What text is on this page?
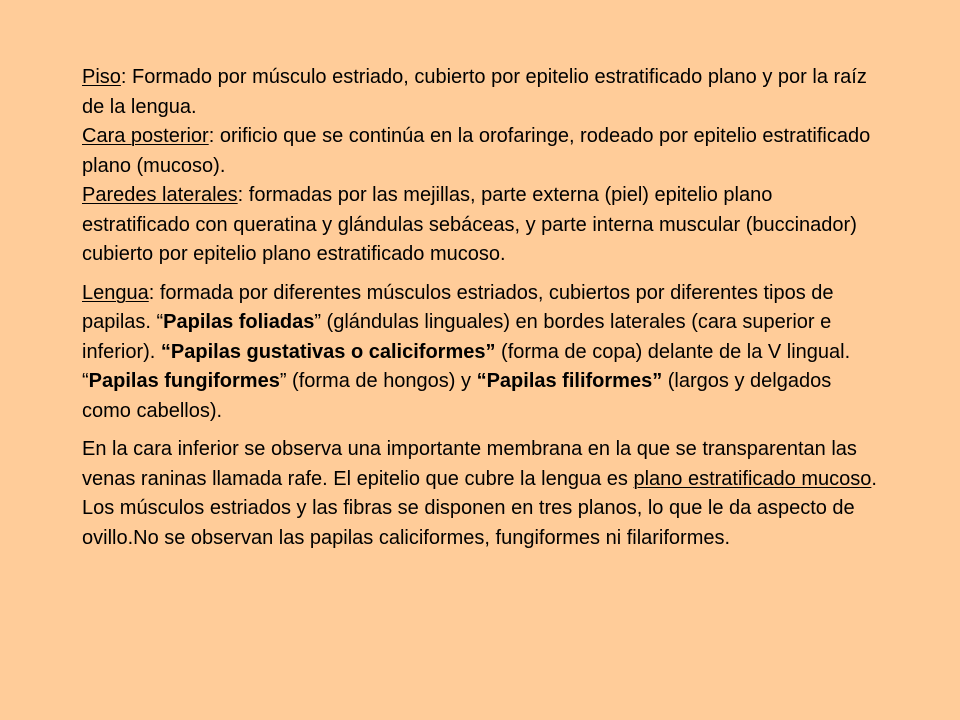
Piso: Formado por músculo estriado, cubierto por epitelio estratificado plano y por la raíz de la lengua.
Cara posterior: orificio que se continúa en la orofaringe, rodeado por epitelio estratificado plano (mucoso).
Paredes laterales: formadas por las mejillas, parte externa (piel) epitelio plano estratificado con queratina y glándulas sebáceas, y parte interna muscular (buccinador) cubierto por epitelio plano estratificado mucoso.
Lengua: formada por diferentes músculos estriados, cubiertos por diferentes tipos de papilas. “Papilas foliadas” (glándulas linguales) en bordes laterales (cara superior e inferior). “Papilas gustativas o caliciformes” (forma de copa) delante de la V lingual. “Papilas fungiformes” (forma de hongos) y “Papilas filiformes” (largos y delgados como cabellos).
En la cara inferior se observa una importante membrana en la que se transparentan las venas raninas llamada rafe. El epitelio que cubre la lengua es plano estratificado mucoso. Los músculos estriados y las fibras se disponen en tres planos, lo que le da aspecto de ovillo.No se observan las papilas caliciformes, fungiformes ni filariformes.
